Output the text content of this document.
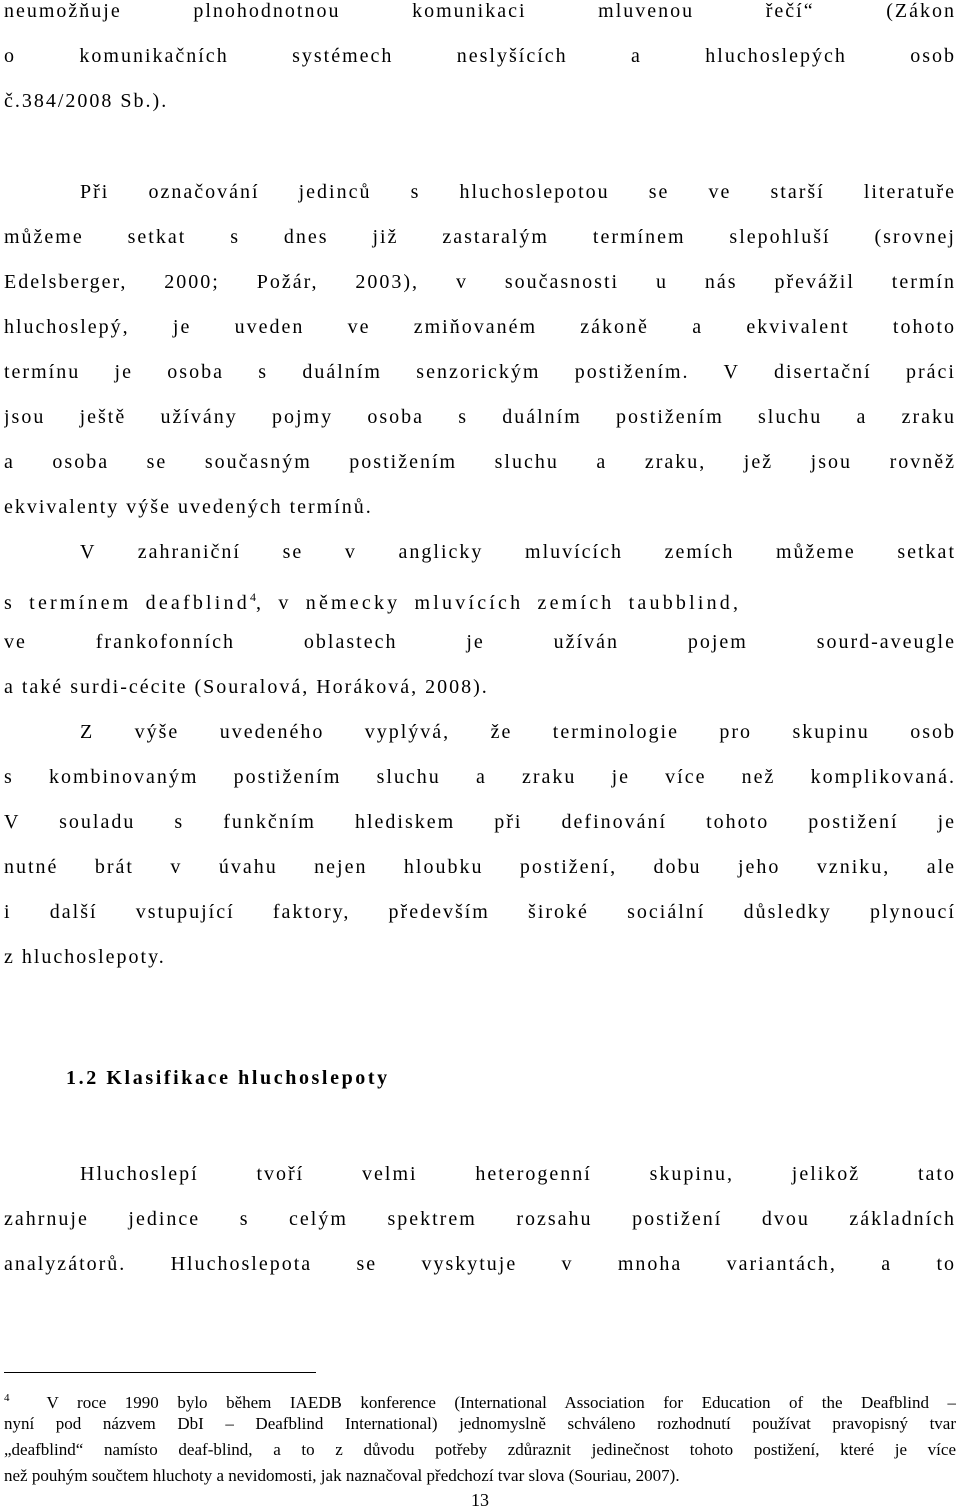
neumožňuje plnohodnotnou komunikaci mluvenou řečí“ (Zákon

o komunikačních systémech neslyšících a hluchoslepých osob

č.384/2008 Sb.).

Při označování jedinců s hluchoslepotou se ve starší literatuře

můžeme setkat s dnes již zastaralým termínem slepohluší (srovnej

Edelsberger, 2000; Požár, 2003), v současnosti u nás převážil termín

hluchoslepý, je uveden ve zmiňovaném zákoně a ekvivalent tohoto

termínu je osoba s duálním senzorickým postižením. V disertační práci

jsou ještě užívány pojmy osoba s duálním postižením sluchu a zraku

a osoba se současným postižením sluchu a zraku, jež jsou rovněž

ekvivalenty výše uvedených termínů.

V zahraniční se v anglicky mluvících zemích můžeme setkat

s termínem deafblind$^4$, v německy mluvících zemích taubblind,

ve frankofonních oblastech je užíván pojem sourd-aveugle

a také surdi-cécite (Souralová, Horáková, 2008).

Z výše uvedeného vyplývá, že terminologie pro skupinu osob

s kombinovaným postižením sluchu a zraku je více než komplikovaná.

V souladu s funkčním hlediskem při definování tohoto postižení je

nutné brát v úvahu nejen hloubku postižení, dobu jeho vzniku, ale

i další vstupující faktory, především široké sociální důsledky plynoucí

z hluchoslepoty.

1.2 Klasifikace hluchoslepoty

Hluchoslepí tvoří velmi heterogenní skupinu, jelikož tato

zahrnuje jedince s celým spektrem rozsahu postižení dvou základních

analyzátorů. Hluchoslepota se vyskytuje v mnoha variantách, a to

$^4$ V roce 1990 bylo během IAEDB konference (International Association for Education of the Deafblind –

nyní pod názvem DbI – Deafblind International) jednomyslně schváleno rozhodnutí používat pravopisný tvar

„deafblind“ namísto deaf-blind, a to z důvodu potřeby zdůraznit jedinečnost tohoto postižení, které je více

než pouhým součtem hluchoty a nevidomosti, jak naznačoval předchozí tvar slova (Souriau, 2007).

13
